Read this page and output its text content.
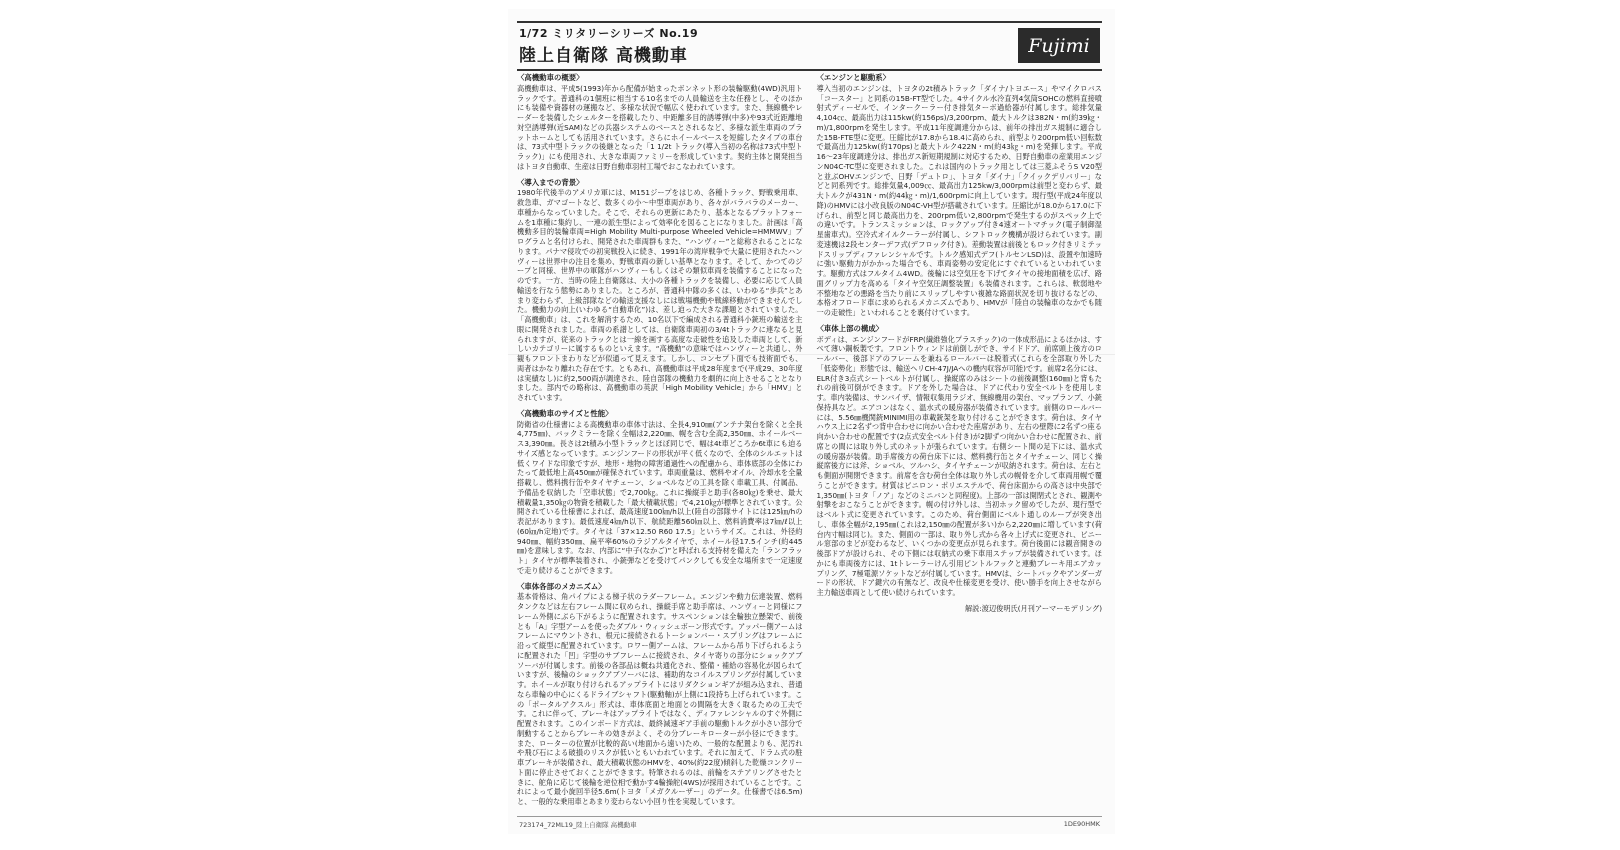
1/72 ミリタリーシリーズ No.19
陸上自衛隊 高機動車	Fujimi
〈高機動車の概要〉

高機動車は、平成5(1993)年から配備が始まったボンネット形の装輪駆動(4WD)汎用トラックです。普通科の1個班に相当する10名までの人員輸送を主な任務とし、そのほかにも装備や資器材の運搬など、多様な状況で幅広く使われています。また、無線機やレーダーを装備したシェルターを搭載したり、中距離多目的誘導弾(中多)や93式近距離地対空誘導弾(近SAM)などの兵器システムのベースとされるなど、多様な派生車両のプラットホームとしても活用されています。さらにホイールベースを短縮したタイプの車台は、73式中型トラックの後継となった「1 1/2t トラック(導入当初の名称は73式中型トラック)」にも使用され、大きな車両ファミリーを形成しています。契約主体と開発担当はトヨタ自動車、生産は日野自動車羽村工場でおこなわれています。

〈導入までの背景〉

1980年代後半のアメリカ軍には、M151ジープをはじめ、各種トラック、野戦乗用車、救急車、ガマゴートなど、数多くの小〜中型車両があり、各々がバラバラのメーカー、車種からなっていました。そこで、それらの更新にあたり、基本となるプラットフォームを1車種に集約し、一連の派生型によって効率化を図ることになりました。計画は「高機動多目的装輪車両=High Mobility Multi-purpose Wheeled Vehicle=HMMWV」プログラムと名付けられ、開発された車両群もまた、“ハンヴィー”と総称されることになります。パナマ侵攻での初実戦投入に続き、1991年の湾岸戦争で大量に使用されたハンヴィーは世界中の注目を集め、野戦車両の新しい基準となります。そして、かつてのジープと同様、世界中の軍隊がハンヴィーもしくはその類似車両を装備することになったのです。一方、当時の陸上自衛隊は、大小の各種トラックを装備し、必要に応じて人員輸送を行なう態勢にありました。ところが、普通科中隊の多くは、いわゆる“歩兵”とあまり変わらず、上級部隊などの輸送支援なしには戦場機動や戦線移動ができませんでした。機動力の向上(いわゆる“自動車化”)は、差し迫った大きな課題とされていました。「高機動車」は、これを解消するため、10名以下で編成される普通科小銃班の輸送を主眼に開発されました。車両の系譜としては、自衛隊車両初の3/4tトラックに連なると見られますが、従来のトラックとは一線を画する高度な走破性を追及した車両として、新しいカテゴリーに属するものといえます。“高機動”の意味ではハンヴィーと共通し、外観もフロントまわりなどが似通って見えます。しかし、コンセプト面でも技術面でも、両者はかなり離れた存在です。ともあれ、高機動車は平成28年度まで(平成29、30年度は実績なし)に約2,500両が調達され、陸自部隊の機動力を劇的に向上させることとなりました。部内での略称は、高機動車の英訳「High Mobility Vehicle」から「HMV」とされています。

〈高機動車のサイズと性能〉

防衛省の仕様書による高機動車の車体寸法は、全長4,910㎜(アンテナ架台を除くと全長4,775㎜)、バックミラーを除く全幅は2,220㎜、幌を含む全高2,350㎜、ホイールベース3,390㎜。長さは2t積み小型トラックとほぼ同じで、幅は4t車どころか6t車にも迫るサイズ感となっています。エンジンフードの形状が平く低くなので、全体のシルエットは低くワイドな印象ですが、地形・地物の障害通過性への配慮から、車体底部の全体にわたって最低地上高450㎜が確保されています。車両重量は、燃料やオイル、冷却水を全量搭載し、燃料携行缶やタイヤチェーン、ショベルなどの工具を除く車載工具、付属品、予備品を収納した「空車状態」で2,700㎏。これに操縦手と助手(各80㎏)を乗せ、最大積載量1,350㎏の物資を積載した「最大積載状態」で4,210㎏が標準とされています。公開されている仕様書によれば、最高速度100㎞/h以上(陸自の部隊サイトには125㎞/hの表記があります)。最低速度4㎞/h以下、航続距離560㎞以上、燃料消費率は7㎞/ℓ以上(60㎞/h定地)です。タイヤは「37×12.50 R60 17.5」というサイズ。これは、外径約940㎜、幅約350㎜、扁平率60%のラジアルタイヤで、ホイール径17.5インチ(約445㎜)を意味します。なお、内部に“中子(なかご)”と呼ばれる支持材を備えた「ランフラット」タイヤが標準装着され、小銃弾などを受けてパンクしても安全な場所まで一定速度で走り続けることができます。

〈車体各部のメカニズム〉

基本骨格は、角パイプによる梯子状のラダーフレーム。エンジンや動力伝達装置、燃料タンクなどは左右フレーム間に収められ、操縦手席と助手席は、ハンヴィーと同様にフレーム外側にぶら下がるように配置されます。サスペンションは全輪独立懸架で、前後とも「A」字型アームを使ったダブル・ウィッシュボーン形式です。アッパー側アームはフレームにマウントされ、根元に接続されるトーションバー・スプリングはフレームに沿って縦型に配置されています。ロワー側アームは、フレームから吊り下げられるように配置された「凹」字型のサブフレームに接続され、タイヤ寄りの部分にショックアブソーバが付属します。前後の各部品は概ね共通化され、整備・補給の容易化が図られていますが、後輪のショックアブソーバには、補助的なコイルスプリングが付属しています。ホイールが取り付けられるアップライトにはリダクションギアが組み込まれ、普通なら車輪の中心にくるドライブシャフト(駆動軸)が上側に1段持ち上げられています。この「ポータルアクスル」形式は、車体底面と地面との間隔を大きく取るための工夫です。これに伴って、ブレーキはアップライトではなく、ディファレンシャルのすぐ外側に配置されます。このインボード方式は、最終減速ギア手前の駆動トルクが小さい部分で制動することからブレーキの効きがよく、その分ブレーキローターが小径にできます。また、ローターの位置が比較的高い(地面から遠い)ため、一般的な配置よりも、泥汚れや飛び石による破損のリスクが低いともいわれています。それに加えて、ドラム式の駐車ブレーキが装備され、最大積載状態のHMVを、40%(約22度)傾斜した乾燥コンクリート面に停止させておくことができます。特筆されるのは、前輪をステアリングさせたときに、舵角に応じて後輪を逆位相で動かす4輪操舵(4WS)が採用されていることです。これによって最小旋回半径5.6m(トヨタ「メガクルーザー」のデータ。仕様書では6.5m)と、一般的な乗用車とあまり変わらない小回り性を実現しています。

〈エンジンと駆動系〉

導入当初のエンジンは、トヨタの2t積みトラック「ダイナ/トヨエース」やマイクロバス「コースター」と同系の15B-FT型でした。4サイクル水冷直列4気筒SOHCの燃料直接噴射式ディーゼルで、インタークーラー付き排気ターボ過給器が付属します。総排気量4,104㏄、最高出力は115kw(約156ps)/3,200rpm、最大トルクは382N・m(約39㎏・m)/1,800rpmを発生します。平成11年度調達分からは、前年の排出ガス規制に適合した15B-FTE型に変更。圧縮比が17.8から18.4に高められ、前型より200rpm低い回転数で最高出力125kw(約170ps)と最大トルク422N・m(約43㎏・m)を発揮します。平成16〜23年度調達分は、排出ガス新短期規制に対応するため、日野自動車の産業用エンジンN04C-TC型に変更されました。これは国内のトラック用としては三菱ふそうS V20型と並ぶOHVエンジンで、日野「デュトロ」、トヨタ「ダイナ」「クイックデリバリー」などと同系列です。総排気量4,009㏄、最高出力125kw/3,000rpmは前型と変わらず、最大トルクが431N・m(約44㎏・m)/1,600rpmに向上しています。現行型(平成24年度以降)のHMVには小改良版のN04C-VH型が搭載されています。圧縮比が18.0から17.0に下げられ、前型と同じ最高出力を、200rpm低い2,800rpmで発生するのがスペック上での違いです。トランスミッションは、ロックアップ付き4速オートマチック(電子制御湿星歯車式)。空冷式オイルクーラーが付属し、シフトロック機構が設けられています。副変速機は2段センターデフ式(デフロック付き)。差動装置は前後ともロック付きリミテッドスリップディファレンシャルです。トルク感知式デフ(トルセンLSD)は、設置や加速時に強い駆動力がかかった場合でも、車両姿勢の安定化にすぐれているといわれています。駆動方式はフルタイム4WD。後輪には空気圧を下げてタイヤの接地面積を広げ、路面グリップ力を高める「タイヤ空気圧調整装置」も装備されます。これらは、軟弱地や不整地などの悪路を当たり前にスリップしやすい複雑な路面状況を切り抜けるなどの、本格オフロード車に求められるメカニズムであり、HMVが「陸自の装輪車のなかでも随一の走破性」といわれることを裏付けています。

〈車体上部の構成〉

ボディは、エンジンフードがFRP(繊維強化プラスチック)の一体成形品によるほかは、すべて薄い鋼板製です。フロントウィンドは前倒しができ、サイドドア、前席頭上後方のロールバー、後部ドアのフレームを兼ねるロールバーは脱着式(これらを全部取り外した「低姿勢化」形態では、輸送ヘリCH-47J/JAへの機内収容が可能)です。前席2名分には、ELR付き3点式シートベルトが付属し、操縦席のみはシートの前後調整(160㎜)と背もたれの前後可倒ができます。ドアを外した場合は、ドアに代わり安全ベルトを使用します。車内装備は、サンバイザ、情報収集用ラジオ、無線機用の架台、マップランプ、小銃保持具など。エアコンはなく、温水式の暖房器が装備されています。前側のロールバーには、5.56㎜機関銃MINIMI用の車載銃架を取り付けることができます。荷台は、タイヤハウス上に2名ずつ背中合わせに向かい合わせた座席があり、左右の壁際に2名ずつ座る向かい合わせの配置です(2点式安全ベルト付き)が2脚ずつ向かい合わせに配置され、前席との間には取り外し式のネットが張られています。右側シート間の足下には、温水式の暖房器が装備。助手席後方の荷台床下には、燃料携行缶とタイヤチェーン、同じく操縦席後方には斧、ショベル、ツルハシ、タイヤチェーンが収納されます。荷台は、左右とも側面が開閉できます。前席を含む荷台全体は取り外し式の幌骨を介して車両用幌で覆うことができます。材質はビニロン・ポリエステルで、荷台床面からの高さは中央部で1,350㎜(トヨタ「ノア」などのミニバンと同程度)。上部の一部は開閉式とされ、観測や射撃をおこなうことができます。幌の付け外しは、当初ホック留めでしたが、現行型ではベルト式に変更されています。このため、荷台側面にベルト通しのループが突き出し、車体全幅が2,195㎜(これは2,150㎜の配置が多い)から2,220㎜に増しています(荷台内寸幅は同じ)。また、側面の一部は、取り外し式から各々上げ式に変更され、ビニール窓部のまどが変わるなど、いくつかの変更点が見られます。荷台後面には観音開きの後部ドアが設けられ、その下側には収納式の乗下車用ステップが装備されています。ほかにも車両後方には、1tトレーラーけん引用ピントルフックと連動ブレーキ用エアカップリング、7極電源ソケットなどが付属しています。HMVは、シートバックやアンダーガードの形状、ドア鍵穴の有無など、改良や仕様変更を受け、使い勝手を向上させながら主力輸送車両として使い続けられています。

解説:渡辺俊明氏(月刊アーマーモデリング)

723174_72ML19_陸上自衛隊 高機動車	1DE90HMK
